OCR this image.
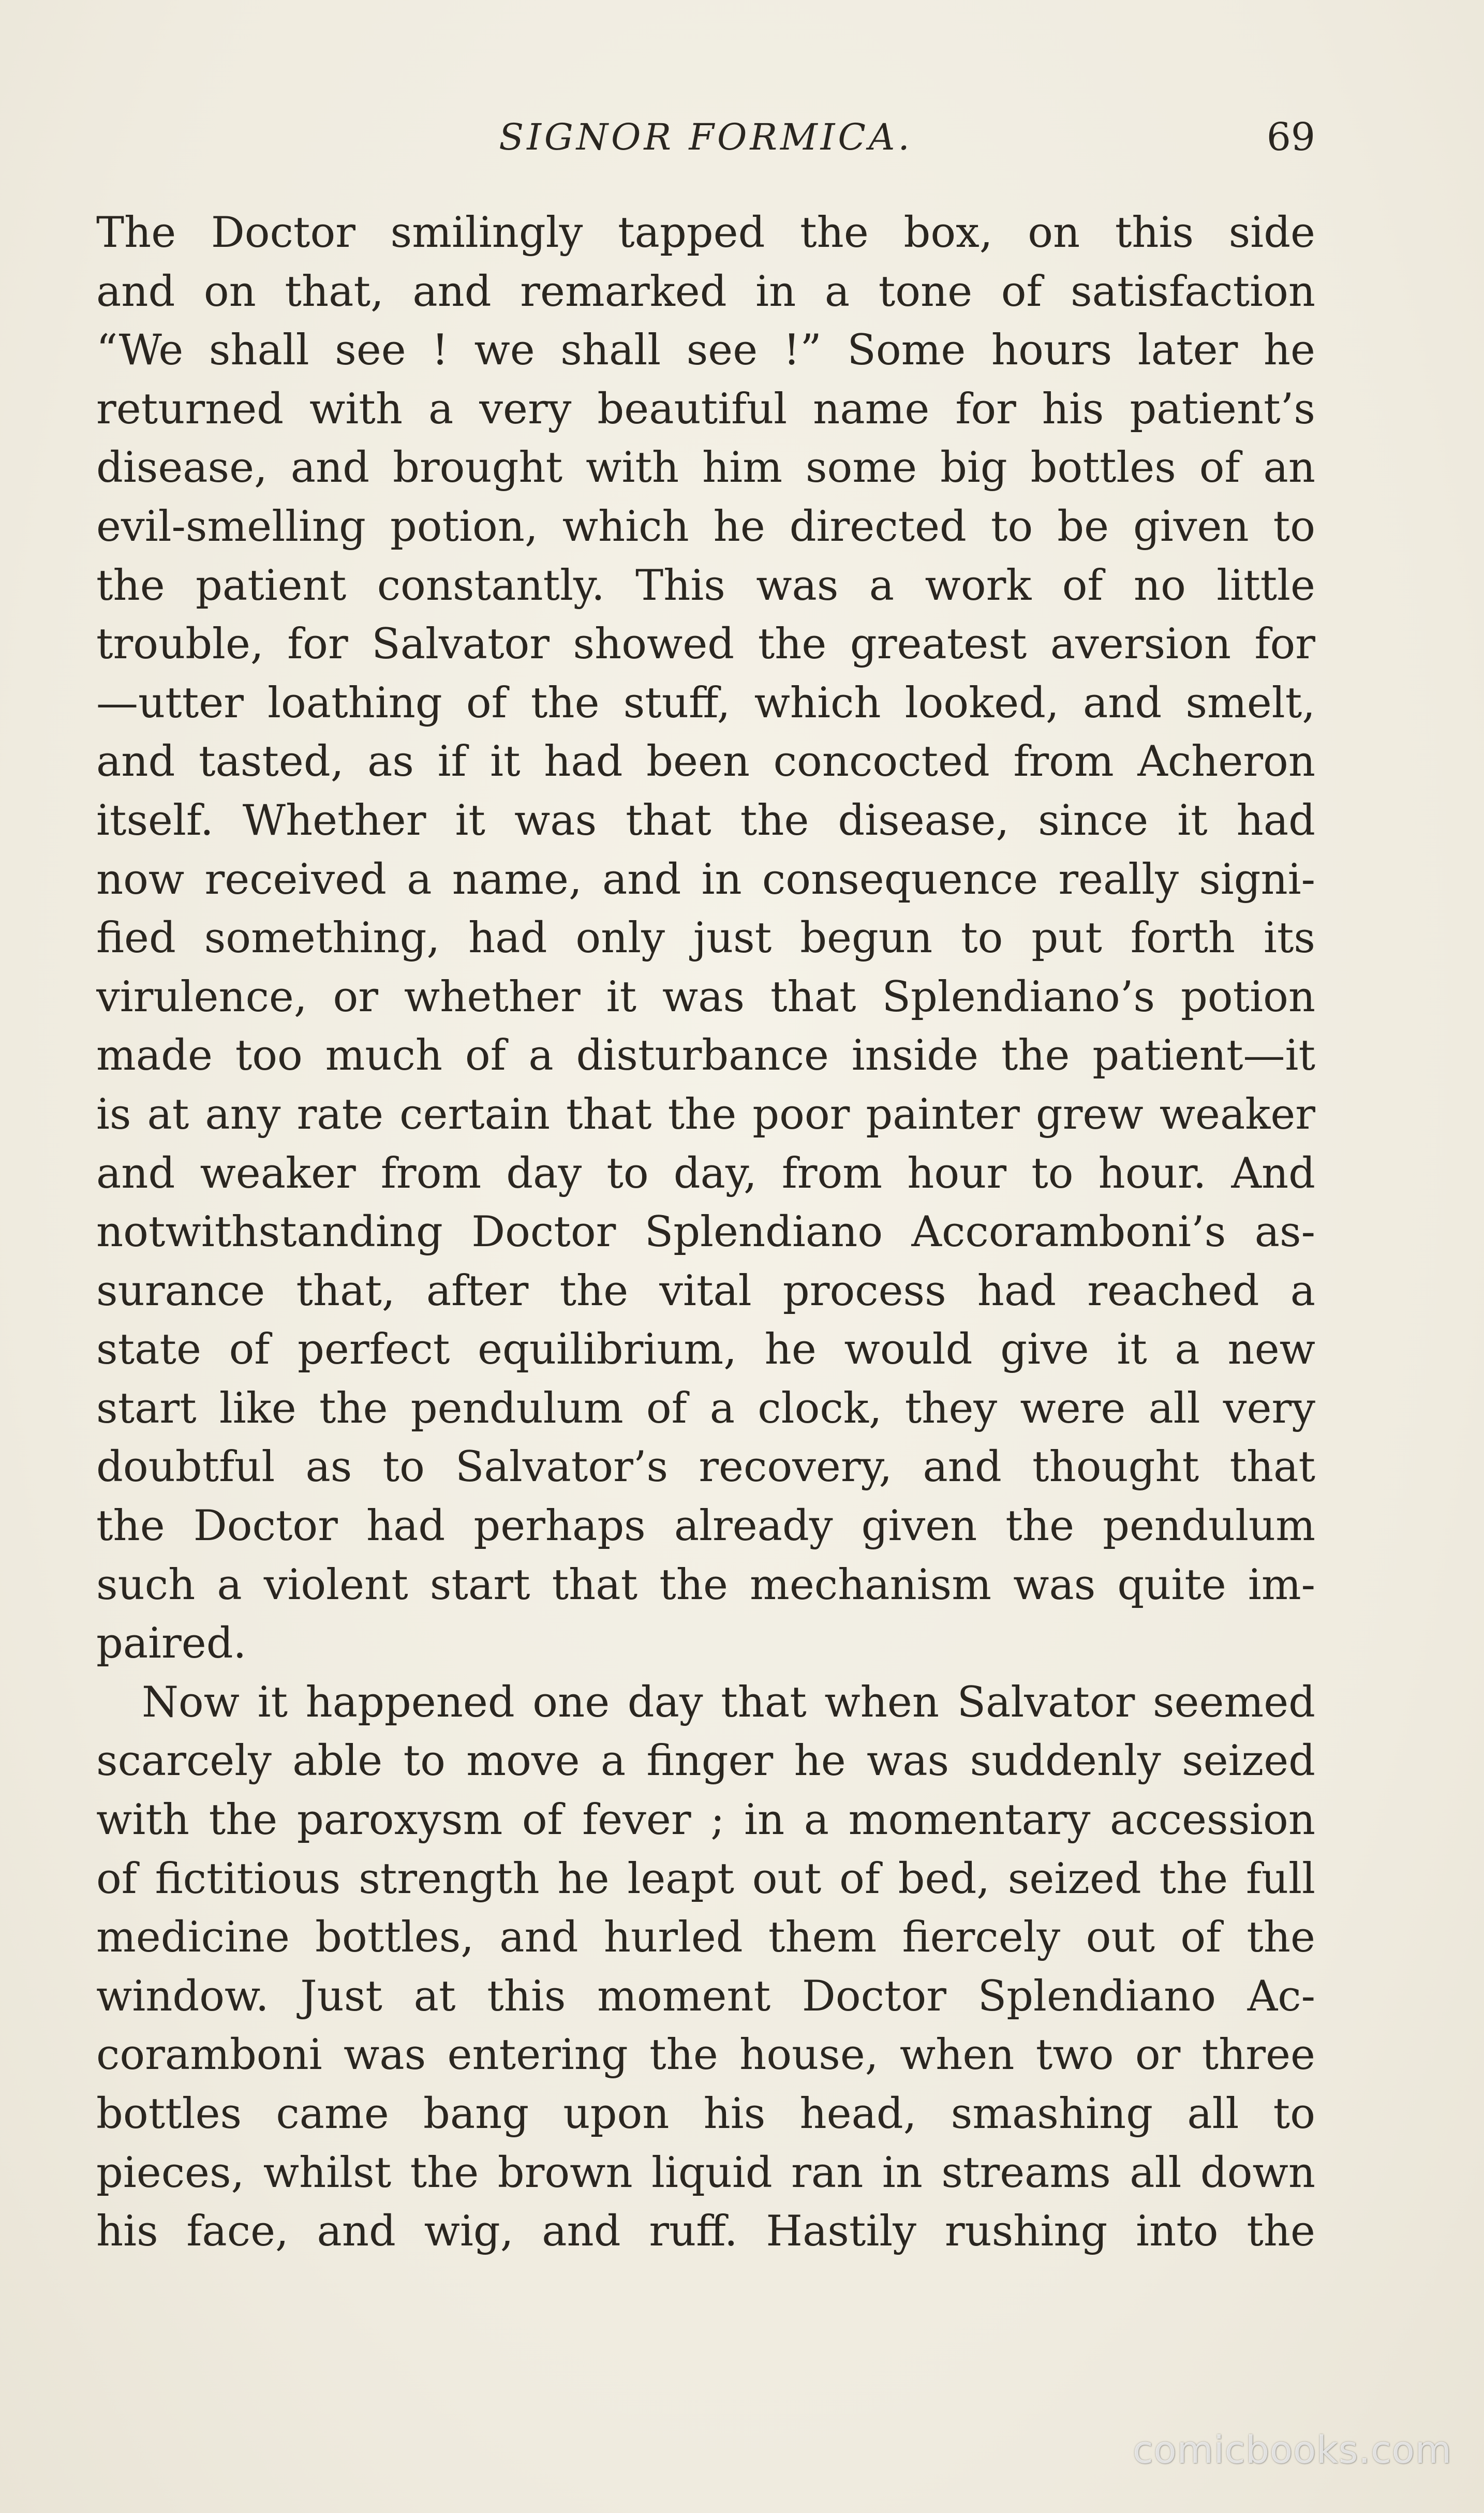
SIGNOR FORMICA.	69
The Doctor smilingly tapped the box, on this side
and on that, and remarked in a tone of satisfaction
“We shall see ! we shall see !” Some hours later he
returned with a very beautiful name for his patient’s
disease, and brought with him some big bottles of an
evil-smelling potion, which he directed to be given to
the patient constantly. This was a work of no little
trouble, for Salvator showed the greatest aversion for
—utter loathing of the stuff, which looked, and smelt,
and tasted, as if it had been concocted from Acheron
itself. Whether it was that the disease, since it had
now received a name, and in consequence really signi-
fied something, had only just begun to put forth its
virulence, or whether it was that Splendiano’s potion
made too much of a disturbance inside the patient—it
is at any rate certain that the poor painter grew weaker
and weaker from day to day, from hour to hour. And
notwithstanding Doctor Splendiano Accoramboni’s as-
surance that, after the vital process had reached a
state of perfect equilibrium, he would give it a new
start like the pendulum of a clock, they were all very
doubtful as to Salvator’s recovery, and thought that
the Doctor had perhaps already given the pendulum
such a violent start that the mechanism was quite im-
paired.
Now it happened one day that when Salvator seemed
scarcely able to move a finger he was suddenly seized
with the paroxysm of fever ; in a momentary accession
of fictitious strength he leapt out of bed, seized the full
medicine bottles, and hurled them fiercely out of the
window. Just at this moment Doctor Splendiano Ac-
coramboni was entering the house, when two or three
bottles came bang upon his head, smashing all to
pieces, whilst the brown liquid ran in streams all down
his face, and wig, and ruff. Hastily rushing into the
comicbooks.com
